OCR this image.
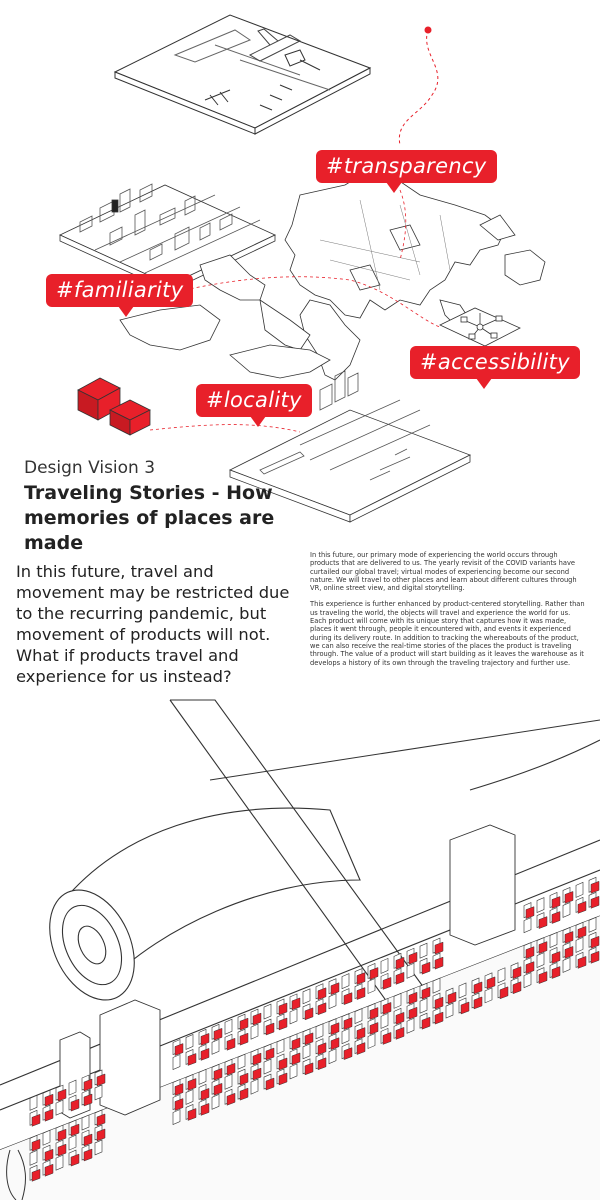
#transparency
#familiarity
#accessibility
#locality
Design Vision 3
Traveling Stories - How memories of places are made
In this future, travel and movement may be restricted due to the recurring pandemic, but movement of products will not. What if products travel and experience for us instead?

In this future, our primary mode of experiencing the world occurs through products that are delivered to us. The yearly revisit of the COVID variants have curtailed our global travel; virtual modes of experiencing become our second nature. We will travel to other places and learn about different cultures through VR, online street view, and digital storytelling.

This experience is further enhanced by product-centered storytelling. Rather than us traveling the world, the objects will travel and experience the world for us. Each product will come with its unique story that captures how it was made, places it went through, people it encountered with, and events it experienced during its delivery route. In addition to tracking the whereabouts of the product, we can also receive the real-time stories of the places the product is traveling through. The value of a product will start building as it leaves the warehouse as it develops a history of its own through the traveling trajectory and further use.
